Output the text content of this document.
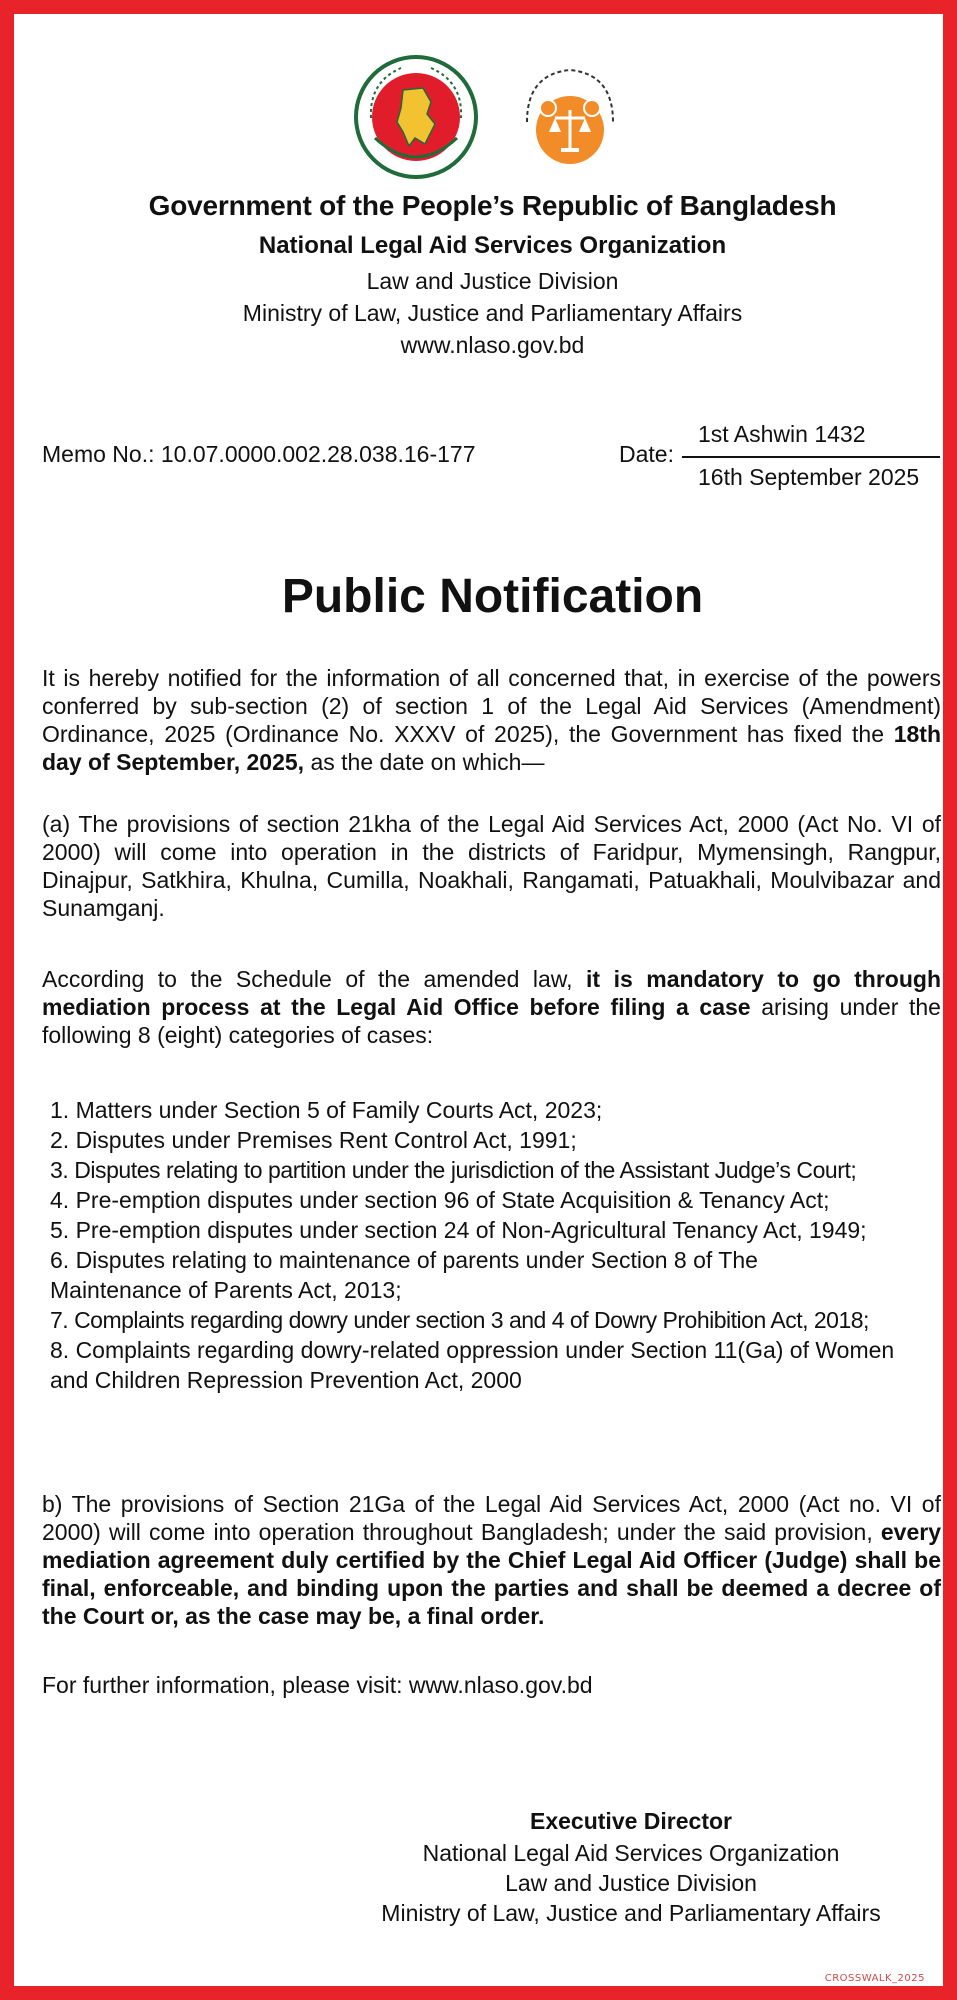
Government of the People’s Republic of Bangladesh
National Legal Aid Services Organization
Law and Justice Division
Ministry of Law, Justice and Parliamentary Affairs
www.nlaso.gov.bd
Memo No.: 10.07.0000.002.28.038.16-177	Date:
1st Ashwin 1432
16th September 2025
Public Notification
It is hereby notified for the information of all concerned that, in exercise of the powers conferred by sub-section (2) of section 1 of the Legal Aid Services (Amendment) Ordinance, 2025 (Ordinance No. XXXV of 2025), the Government has fixed the 18th day of September, 2025, as the date on which—
(a) The provisions of section 21kha of the Legal Aid Services Act, 2000 (Act No. VI of 2000) will come into operation in the districts of Faridpur, Mymensingh, Rangpur, Dinajpur, Satkhira, Khulna, Cumilla, Noakhali, Rangamati, Patuakhali, Moulvibazar and Sunamganj.
According to the Schedule of the amended law, it is mandatory to go through mediation process at the Legal Aid Office before filing a case arising under the following 8 (eight) categories of cases:
1. Matters under Section 5 of Family Courts Act, 2023;
2. Disputes under Premises Rent Control Act, 1991;
3. Disputes relating to partition under the jurisdiction of the Assistant Judge’s Court;
4. Pre-emption disputes under section 96 of State Acquisition & Tenancy Act;
5. Pre-emption disputes under section 24 of Non-Agricultural Tenancy Act, 1949;
6. Disputes relating to maintenance of parents under Section 8 of The Maintenance of Parents Act, 2013;
7. Complaints regarding dowry under section 3 and 4 of Dowry Prohibition Act, 2018;
8. Complaints regarding dowry-related oppression under Section 11(Ga) of Women and Children Repression Prevention Act, 2000
b) The provisions of Section 21Ga of the Legal Aid Services Act, 2000 (Act no. VI of 2000) will come into operation throughout Bangladesh; under the said provision, every mediation agreement duly certified by the Chief Legal Aid Officer (Judge) shall be final, enforceable, and binding upon the parties and shall be deemed a decree of the Court or, as the case may be, a final order.
For further information, please visit: www.nlaso.gov.bd
Executive Director
National Legal Aid Services Organization
Law and Justice Division
Ministry of Law, Justice and Parliamentary Affairs
CROSSWALK_2025
